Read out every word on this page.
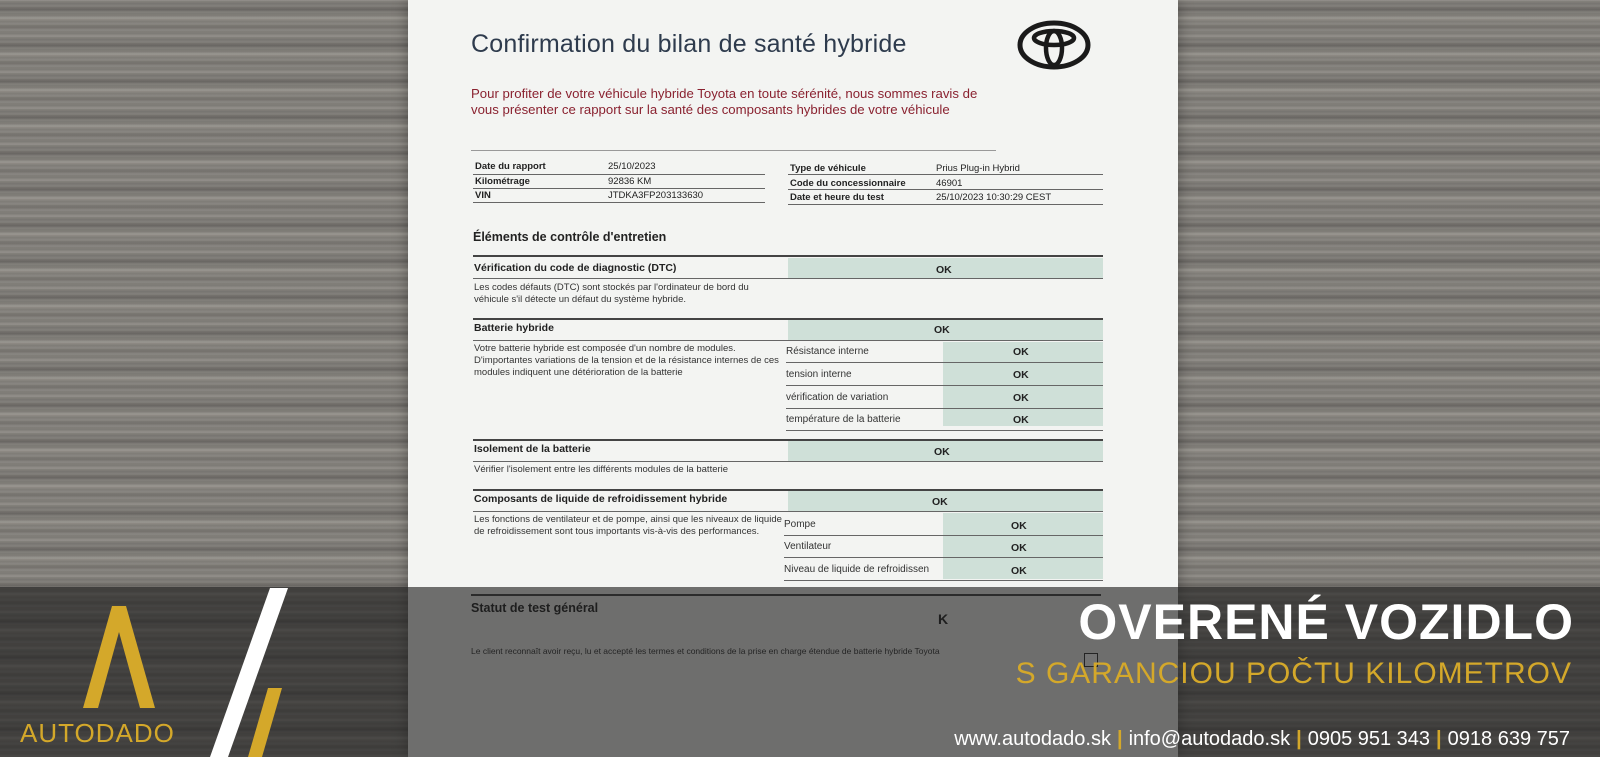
Confirmation du bilan de santé hybride
Pour profiter de votre véhicule hybride Toyota en toute sérénité, nous sommes ravis de vous présenter ce rapport sur la santé des composants hybrides de votre véhicule
Date du rapport	25/10/2023	Type de véhicule	Prius Plug-in Hybrid
Kilométrage	92836 KM	Code du concessionnaire	46901
VIN	JTDKA3FP203133630	Date et heure du test	25/10/2023 10:30:29 CEST
Éléments de contrôle d'entretien
Vérification du code de diagnostic (DTC)	OK
Les codes défauts (DTC) sont stockés par l'ordinateur de bord du véhicule s'il détecte un défaut du système hybride.
Batterie hybride	OK
Votre batterie hybride est composée d'un nombre de modules. D'importantes variations de la tension et de la résistance internes de ces modules indiquent une détérioration de la batterie
Résistance interne	OK
tension interne	OK
vérification de variation	OK
température de la batterie	OK
Isolement de la batterie	OK
Vérifier l'isolement entre les différents modules de la batterie
Composants de liquide de refroidissement hybride	OK
Les fonctions de ventilateur et de pompe, ainsi que les niveaux de liquide de refroidissement sont tous importants vis-à-vis des performances.
Pompe	OK
Ventilateur	OK
Niveau de liquide de refroidissen	OK
AUTODADO
OVERENÉ VOZIDLO
S GARANCIOU POČTU KILOMETROV
www.autodado.sk | info@autodado.sk | 0905 951 343 | 0918 639 757
